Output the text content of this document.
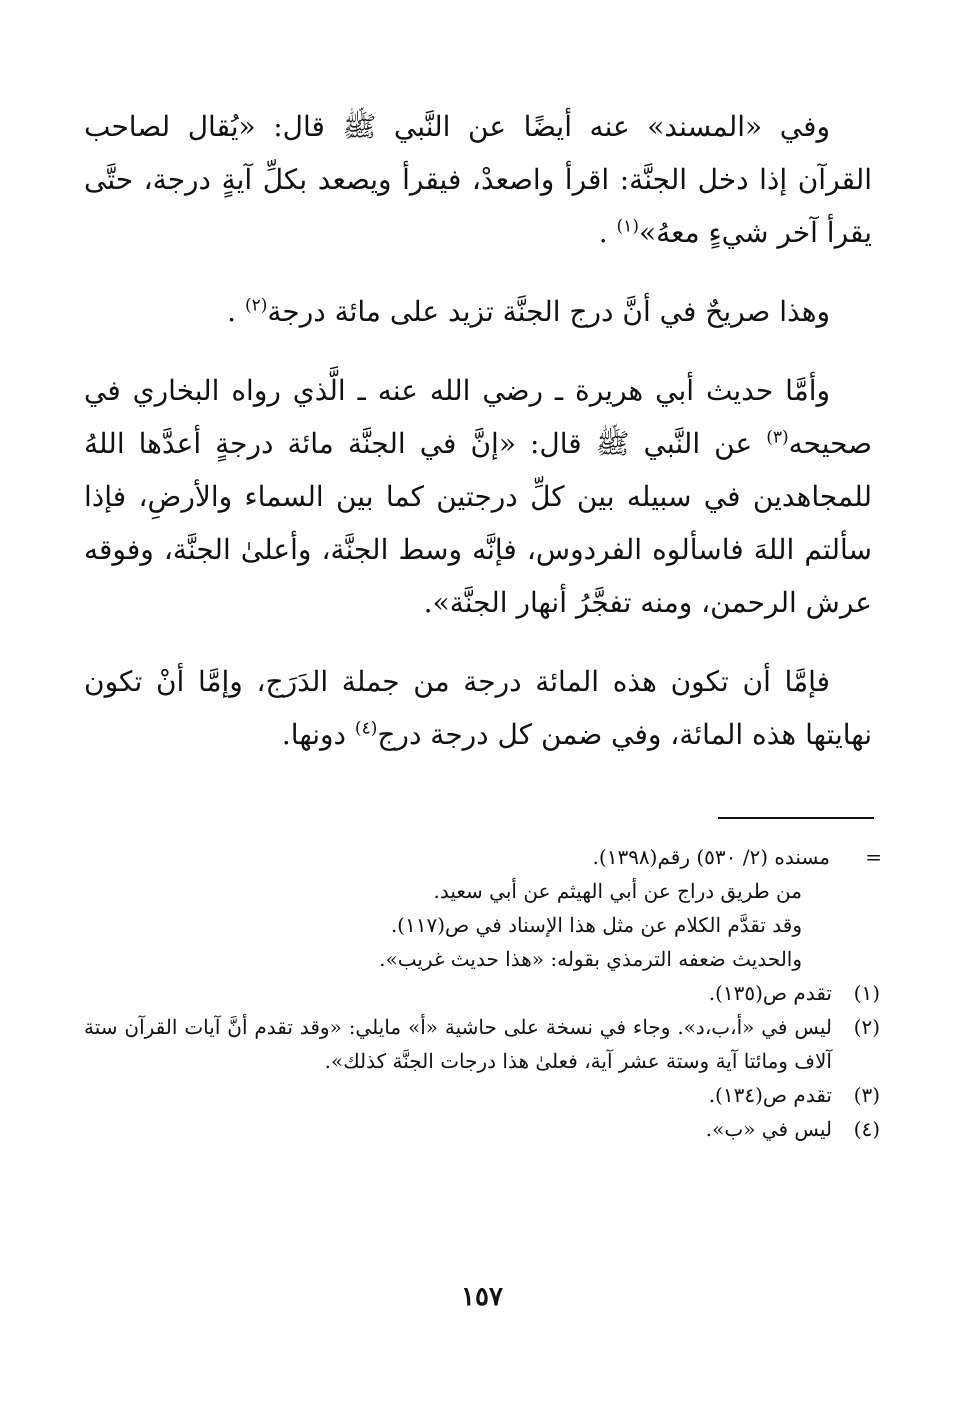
وفي «المسند» عنه أيضًا عن النَّبي ﷺ قال: «يُقال لصاحب القرآن إذا دخل الجنَّة: اقرأ واصعدْ، فيقرأ ويصعد بكلِّ آيةٍ درجة، حتَّى يقرأ آخر شيءٍ معهُ»$^{(١)}$ .

وهذا صريحٌ في أنَّ درج الجنَّة تزيد على مائة درجة$^{(٢)}$ .

وأمَّا حديث أبي هريرة ـ رضي الله عنه ـ الَّذي رواه البخاري في صحيحه$^{(٣)}$ عن النَّبي ﷺ قال: «إنَّ في الجنَّة مائة درجةٍ أعدَّها اللهُ للمجاهدين في سبيله بين كلِّ درجتين كما بين السماء والأرضِ، فإذا سألتم اللهَ فاسألوه الفردوس، فإنَّه وسط الجنَّة، وأعلىٰ الجنَّة، وفوقه عرش الرحمن، ومنه تفجَّرُ أنهار الجنَّة».

فإمَّا أن تكون هذه المائة درجة من جملة الدَرَج، وإمَّا أنْ تكون نهايتها هذه المائة، وفي ضمن كل درجة درج$^{(٤)}$ دونها.

=
مسنده (٢/ ٥٣٠) رقم(١٣٩٨).
من طريق دراج عن أبي الهيثم عن أبي سعيد.
وقد تقدَّم الكلام عن مثل هذا الإسناد في ص(١١٧).
والحديث ضعفه الترمذي بقوله: «هذا حديث غريب».
(١)
تقدم ص(١٣٥).
(٢)
ليس في «أ،ب،د». وجاء في نسخة على حاشية «أ» مايلي: «وقد تقدم أنَّ آيات القرآن ستة آلاف ومائتا آية وستة عشر آية، فعلىٰ هذا درجات الجنَّة كذلك».
(٣)
تقدم ص(١٣٤).
(٤)
ليس في «ب».
١٥٧
